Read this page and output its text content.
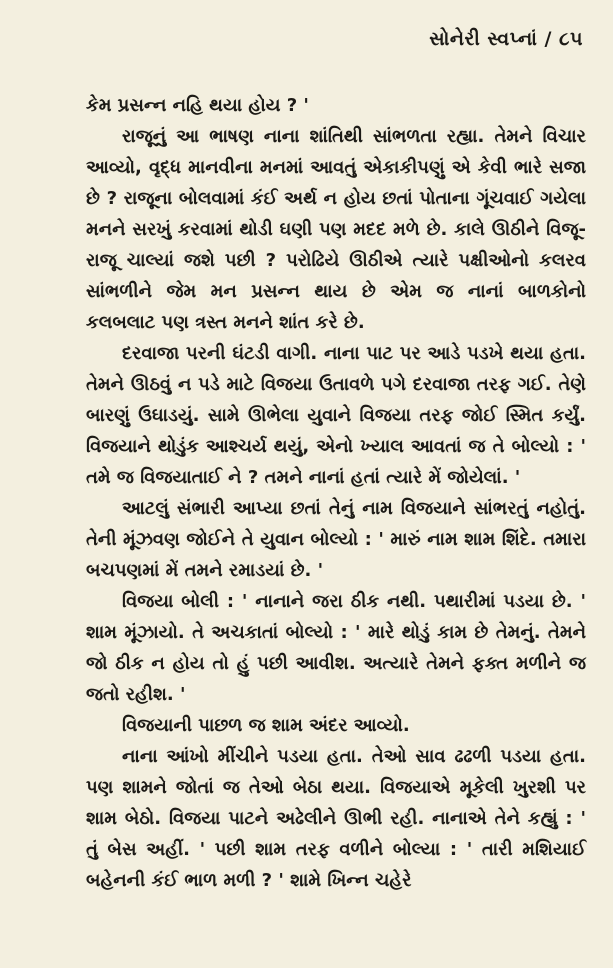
સોનેરી સ્વપ્નાં / ૮૫

કેમ પ્રસન્ન નહિ થયા હોય ? '

રાજૂનું આ ભાષણ નાના શાંતિથી સાંભળતા રહ્યા. તેમને વિચાર આવ્યો, વૃદ્ધ માનવીના મનમાં આવતું એકાકીપણું એ કેવી ભારે સજા છે ? રાજૂના બોલવામાં કંઈ અર્થ ન હોય છતાં પોતાના ગૂંચવાઈ ગયેલા મનને સરખું કરવામાં થોડી ઘણી પણ મદદ મળે છે. કાલે ઊઠીને વિજૂ-રાજૂ ચાલ્યાં જશે પછી ? પરોઢિયે ઊઠીએ ત્યારે પક્ષીઓનો કલરવ સાંભળીને જેમ મન પ્રસન્ન થાય છે એમ જ નાનાં બાળકોનો કલબલાટ પણ ત્રસ્ત મનને શાંત કરે છે.

દરવાજા પરની ઘંટડી વાગી. નાના પાટ પર આડે પડખે થયા હતા. તેમને ઊઠવું ન પડે માટે વિજયા ઉતાવળે પગે દરવાજા તરફ ગઈ. તેણે બારણું ઉઘાડયું. સામે ઊભેલા યુવાને વિજયા તરફ જોઈ સ્મિત કર્યું. વિજયાને થોડુંક આશ્ચર્ય થયું, એનો ખ્યાલ આવતાં જ તે બોલ્યો : ' તમે જ વિજયાતાઈ ને ? તમને નાનાં હતાં ત્યારે મેં જોયેલાં. '

આટલું સંભારી આપ્યા છતાં તેનું નામ વિજયાને સાંભરતું નહોતું. તેની મૂંઝવણ જોઈને તે યુવાન બોલ્યો : ' મારું નામ શામ શિંદે. તમારા બચપણમાં મેં તમને રમાડયાં છે. '

વિજયા બોલી : ' નાનાને જરા ઠીક નથી. પથારીમાં પડયા છે. ' શામ મૂંઝાયો. તે અચકાતાં બોલ્યો : ' મારે થોડું કામ છે તેમનું. તેમને જો ઠીક ન હોય તો હું પછી આવીશ. અત્યારે તેમને ફક્ત મળીને જ જતો રહીશ. '

વિજયાની પાછળ જ શામ અંદર આવ્યો.

નાના આંખો મીંચીને પડયા હતા. તેઓ સાવ ઢઢળી પડયા હતા. પણ શામને જોતાં જ તેઓ બેઠા થયા. વિજયાએ મૂકેલી ખુરશી પર શામ બેઠો. વિજયા પાટને અઢેલીને ઊભી રહી. નાનાએ તેને કહ્યું : ' તું બેસ અહીં. ' પછી શામ તરફ વળીને બોલ્યા : ' તારી મશિયાઈ બહેનની કંઈ ભાળ મળી ? ' શામે ખિન્ન ચહેરે
